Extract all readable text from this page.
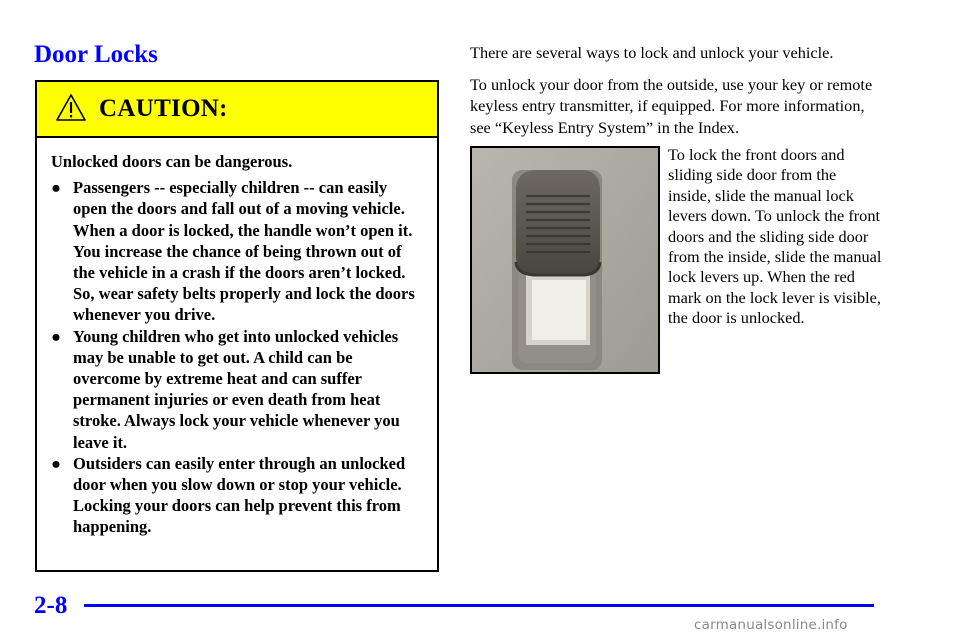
Door Locks
CAUTION:

Unlocked doors can be dangerous.

● Passengers -- especially children -- can easily open the doors and fall out of a moving vehicle. When a door is locked, the handle won’t open it. You increase the chance of being thrown out of the vehicle in a crash if the doors aren’t locked. So, wear safety belts properly and lock the doors whenever you drive.
● Young children who get into unlocked vehicles may be unable to get out. A child can be overcome by extreme heat and can suffer permanent injuries or even death from heat stroke. Always lock your vehicle whenever you leave it.
● Outsiders can easily enter through an unlocked door when you slow down or stop your vehicle. Locking your doors can help prevent this from happening.

There are several ways to lock and unlock your vehicle.

To unlock your door from the outside, use your key or remote keyless entry transmitter, if equipped. For more information, see “Keyless Entry System” in the Index.

To lock the front doors and sliding side door from the inside, slide the manual lock levers down. To unlock the front doors and the sliding side door from the inside, slide the manual lock levers up. When the red mark on the lock lever is visible, the door is unlocked.
2-8
carmanualsonline.info
